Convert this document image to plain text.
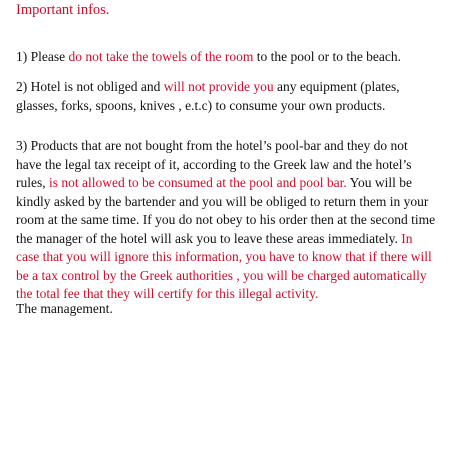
Important infos.
1) Please do not take the towels of the room to the pool or to the beach.
2) Hotel is not obliged and will not provide you any equipment (plates,
glasses, forks, spoons, knives , e.t.c) to consume your own products.
3) Products that are not bought from the hotel’s pool-bar and they do not
have the legal tax receipt of it, according to the Greek law and the hotel’s
rules, is not allowed to be consumed at the pool and pool bar. You will be
kindly asked by the bartender and you will be obliged to return them in your
room at the same time. If you do not obey to his order then at the second time
the manager of the hotel will ask you to leave these areas immediately. In
case that you will ignore this information, you have to know that if there will
be a tax control by the Greek authorities , you will be charged automatically
the total fee that they will certify for this illegal activity.
The management.
